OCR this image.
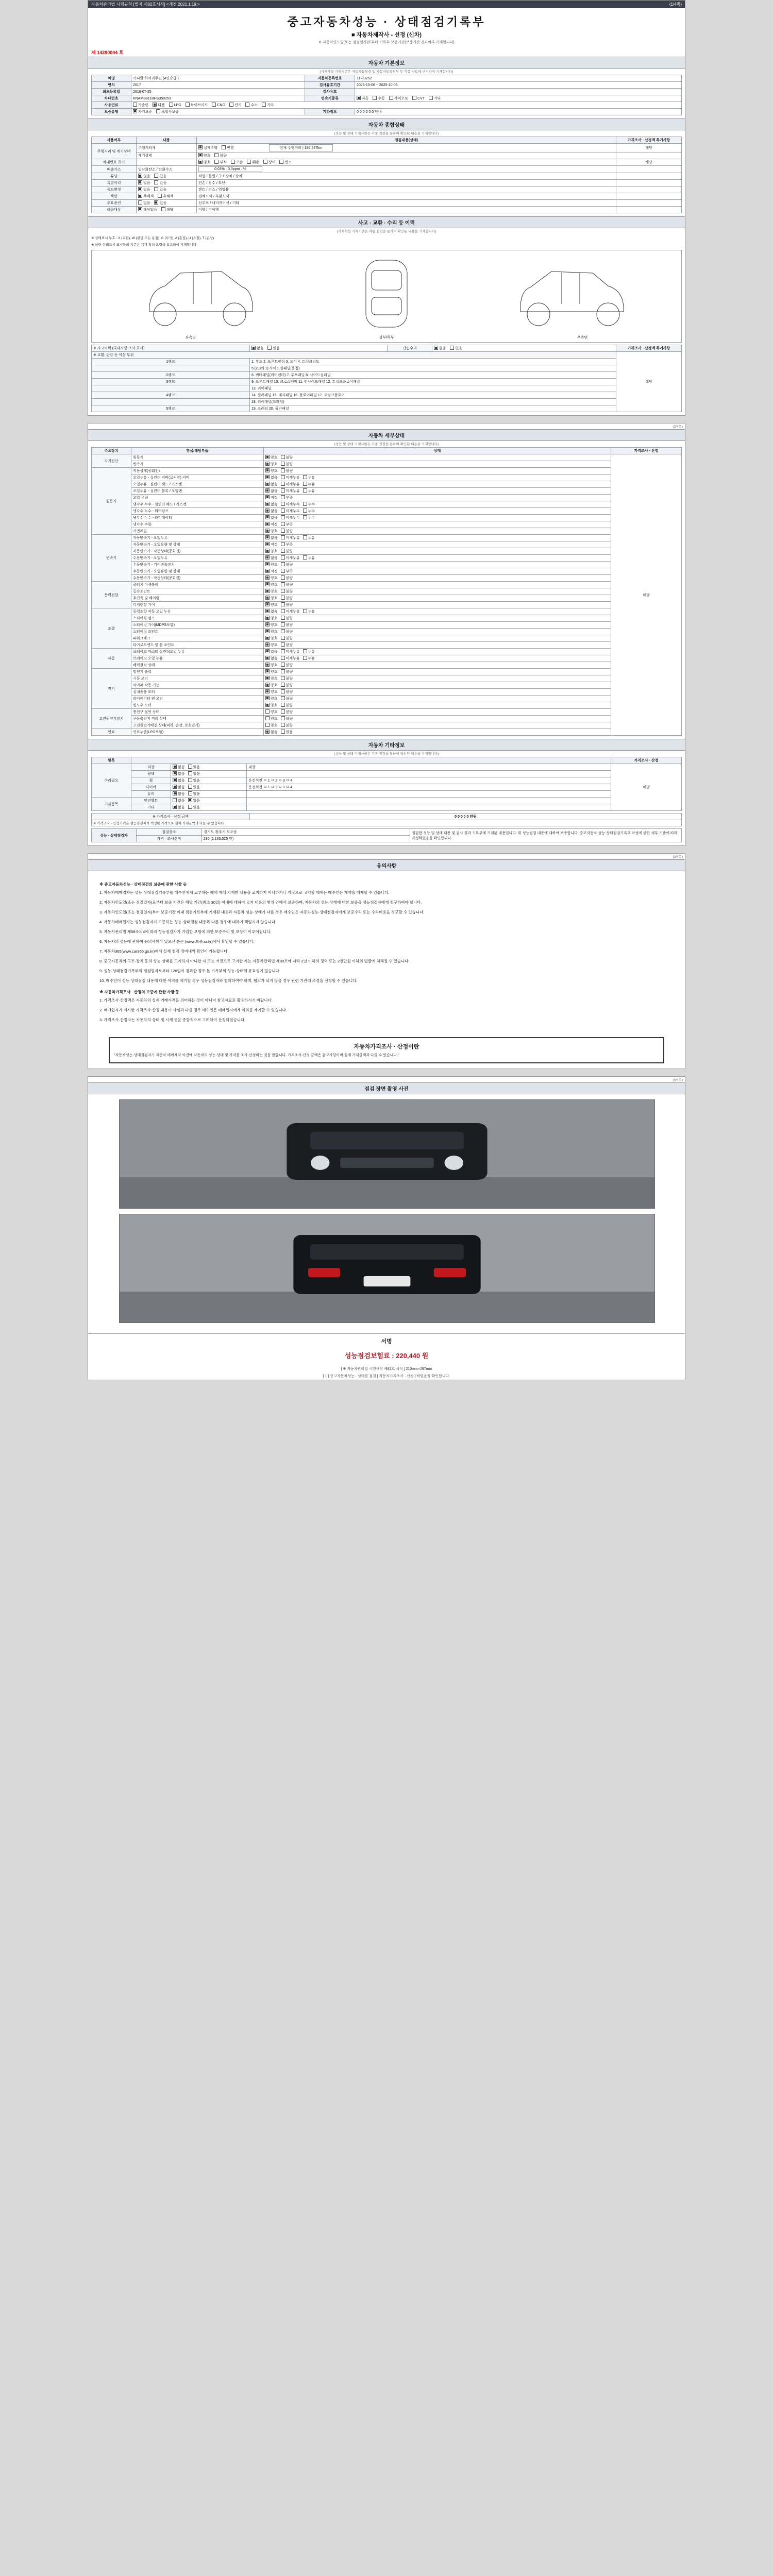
자동차관리법 시행규칙 [별지 제82호서식] <개정 2021.1.19.>	(1/4쪽)
중고자동차성능 · 상태점검기록부
■ 자동차제작사 - 선정 (신차)
※ 자동차인도일(또는 점검일자)로부터 기록부 보증기간(보증기간 경과여부 기재합니다)
제 14290044 호
자동차 기본정보
(기재사항 기재기준은 자동차등록증 및 자동차등록원부 등 각종 자료에 근거하여 기재합니다)
차명	카니발 하이리무진 (4인승급 )	자동차등록번호	11나3252
연식	2017	검사유효기간	2023-10-06 ~ 2025-10-06
최초등록일	2016-07-25	검사유효	
차대번호	KNAMB811BHS350253	변속기종류	자동 수동 세미오토 CVT 기타
사용연료	가솔린 디젤 LPG 하이브리드 CNG 전기 수소 기타		
보증유형	자기보증 보험사보증	기타정보	0 0 0 0 0 0 안내
자동차 종합상태
(성능 및 상태 기재사항은 각종 점검을 통하여 확인된 내용을 기재합니다)
사용여부	내용	점검내용(상태)	가격조사 · 산정액 특기사항
주행거리 및 계기상태	주행거리계	실제주행 변경 현재 주행거리 | 186,447km	해당
	계기상태	양호 불량	
차대번호 표기		양호 부식 오손 훼손 상이 변조	해당
배출가스	일산화탄소 / 탄화수소	0.03% · 0.0ppm · %	
튜닝	없음 있음	적법 / 불법 / 구조장치 / 장치	
특별이력	없음 있음	전손 / 침수 / 도난	
용도변경	없음 있음	렌트 / 리스 / 영업용	
색상	무채색 유채색	전체도색 / 부분도색	
주요옵션	없음 있음	선루프 / 내비게이션 / 기타	
리콜대상	해당없음 해당	이행 / 미이행	
사고 · 교환 · 수리 등 이력
(기재사항 기재기준은 각종 점검을 통하여 확인된 내용을 기재합니다)
※ 상태표시 부호 : X (교환), W (판금 또는 용접), C (부식), A (흠집), U (요철), T (손상)
※ 하단 상태표시 표시들의 기준은 기재·작성 요령을 참고하여 기재합니다
좌측면	상부/하부	우측면
※ 사고이력 (국내사항 조사 표시)	없음 있음	단순수리	없음 있음	가격조사 · 산정액 특기사항
※ 교환, 판금 등 이상 부위				해당
1랭크	1. 후드 2. 프론트펜더 3. 도어 4. 트렁크리드			
	5.(2,3의 1) 사이드실패널(용접)			
2랭크	6. 쿼터패널(리어펜더) 7. 루프패널 8. 사이드실패널			
3랭크	9. 프론트패널 10. 크로스멤버 11. 인사이드패널 12. 트렁크플로어패널			
	13. 리어패널			
4랭크	14. 필러패널 15. 대시패널 16. 플로어패널 17. 트렁크플로어			
	18. 리어패널(프레임)			
5랭크	19. 프레임 20. 필러패널			
(2/4쪽)
자동차 세부상태
(성능 및 상태 기재사항은 각종 점검을 통하여 확인된 내용을 기재합니다)
주요장치	항목/해당부품	상태	가격조사 · 산정
자기진단	원동기	양호 불량	해당
	변속기	양호 불량	
원동기	작동상태(공회전)	양호 불량	
	오일누유 - 실린더 커버(로커암) 커버	없음 미세누유 누유	
	오일누유 - 실린더 헤드 / 가스켓	없음 미세누유 누유	
	오일누유 - 실린더 블록 / 오일팬	없음 미세누유 누유	
	오일 유량	적정 부족	
	냉각수 누수 - 실린더 헤드 / 가스켓	없음 미세누수 누수	
	냉각수 누수 - 워터펌프	없음 미세누수 누수	
	냉각수 누수 - 라디에이터	없음 미세누수 누수	
	냉각수 수량	적정 부족	
	커먼레일	양호 불량	
변속기	자동변속기 - 오일누유	없음 미세누유 누유	
	자동변속기 - 오일유량 및 상태	적정 부족	
	자동변속기 - 작동상태(공회전)	양호 불량	
	수동변속기 - 오일누유	없음 미세누유 누유	
	수동변속기 - 기어변속장치	양호 불량	
	수동변속기 - 오일유량 및 상태	적정 부족	
	수동변속기 - 작동상태(공회전)	양호 불량	
동력전달	클러치 어셈블리	양호 불량	
	등속조인트	양호 불량	
	추진축 및 베어링	양호 불량	
	디퍼렌셜 기어	양호 불량	
조향	동력조향 작동 오일 누유	없음 미세누유 누유	
	스티어링 펌프	양호 불량	
	스티어링 기어(MDPS포함)	양호 불량	
	스티어링 조인트	양호 불량	
	파워크랭크	양호 불량	
	타이로드엔드 및 볼 조인트	양호 불량	
제동	브레이크 마스터 실린더오일 누유	없음 미세누유 누유	
	브레이크 오일 누유	없음 미세누유 누유	
	배력장치 상태	양호 불량	
전기	발전기 출력	양호 불량	
	시동 모터	양호 불량	
	와이퍼 작동 기능	양호 불량	
	실내송풍 모터	양호 불량	
	라디에이터 팬 모터	양호 불량	
	윈도우 모터	양호 불량	
고전원전기장치	충전구 절연 상태	양호 불량	
	구동축전지 격리 상태	양호 불량	
	고전원전기배선 상태(피복, 손상, 보호덮개)	양호 불량	
연료	연료누출(LPG포함)	없음 있음	
자동차 기타정보
(성능 및 상태 기재사항은 각종 점검을 통하여 확인된 내용을 기재합니다)
항목				가격조사 · 산정
수리필요	외장	없음 있음	내장	해당
	광택	없음 있음		
	휠	없음 있음	운전석전 ㅁ 1 ㅁ 2 ㅁ 3 ㅁ 4	
	타이어	없음 있음	운전석전 ㅁ 1 ㅁ 2 ㅁ 3 ㅁ 4	
	유리	없음 있음		
기본품목	안전벨트	없음 있음		
	기타	없음 있음		
※ 가격조사 · 산정 금액	0 0 0 0 0 만원
※ 가격조사 · 산정가격은 성능점검자가 책정한 가격으로 실제 거래금액과 다를 수 있습니다
성능 · 상태점검자	점검장소	경기도 광주시 오포읍	점검한 성능 및 상태 내용 및 검사 결과 기록부에 기재된 내용입니다. 위 성능점검 내용에 대하여 보증합니다. 중고자동차 성능·상태점검기록부 작성에 관한 세부 기준에 따라 작성하였음을 확인합니다.
	가격 · 조사산정	280 (1,165,025 원)	
(3/4쪽)
유의사항
※ 중고자동차성능 · 상태점검의 보증에 관한 사항 등

1. 자동차매매업자는 성능·상태점검기록부를 매수인에게 교부하는 때에 제대 기재한 내용을 교지하지 아니하거나 거짓으로 고지할 때에는 매수인은 계약을 해제할 수 있습니다.

2. 자동차인도일(또는 점검일자)로부터 보증 기간은 해당 기간(최소 30일) 이내에 대하여 고지 내용의 범위 안에서 보증하며, 자동차의 성능·상태에 대한 보증을 성능점검자에게 청구하여야 합니다.

3. 자동차인도일(또는 점검일자)부터 보증기간 이내 점검기록부에 기재된 내용과 자동차 성능·상태가 다를 경우 매수인은 자동차성능·상태점검자에게 보증수리 또는 수리비용을 청구할 수 있습니다.

4. 자동차매매업자는 성능점검자가 보증하는 성능·상태점검 내용과 다른 경우에 대하여 책임지지 않습니다.

5. 자동차관리법 제58조의4에 따라 성능점검자가 가입한 보험에 의한 보증수리 및 보상이 이루어집니다.

6. 자동차의 성능에 관하여 문의사항이 있으신 분은 (www.보증.or.kr)에서 확인할 수 있습니다.

7. 자동차365(www.car365.go.kr)에서 실제 점검·정비내역 확인이 가능합니다.

8. 중고자동차의 구조·장치 등의 성능·상태를 고지하지 아니한 자 또는 거짓으로 고지한 자는 자동차관리법 제80조에 따라 2년 이하의 징역 또는 2천만원 이하의 벌금에 처해질 수 있습니다.

9. 성능·상태점검기록부의 점검일자로부터 120일이 경과한 경우 본 기록부의 성능·상태의 유효성이 없습니다.

10. 매수인이 성능·상태점검 내용에 대한 이의를 제기할 경우 성능점검자와 협의하여야 하며, 협의가 되지 않을 경우 관련 기관에 조정을 신청할 수 있습니다.

※ 자동차가격조사 · 산정의 보증에 관한 사항 등

1. 가격조사·산정액은 자동차의 실제 거래가격을 의미하는 것이 아니며 참고자료로 활용하시기 바랍니다.

2. 매매업자가 제시한 가격조사·산정 내용이 사실과 다를 경우 매수인은 매매업자에게 이의를 제기할 수 있습니다.

3. 가격조사·산정자는 자동차의 상태 및 시세 등을 종합적으로 고려하여 산정하였습니다.

자동차가격조사 · 산정이란
"자동차성능·상태점검자가 자동차 매매계약 이전에 자동차의 성능·상태 및 가격을 조사·산정하는 것을 말합니다. 가격조사·산정 금액은 참고사항이며 실제 거래금액과 다를 수 있습니다."
(4/4쪽)
점검 장면 촬영 사진
서명
성능점검보험료 : 220,440 원
[ ※ 자동차관리법 시행규칙 제82호 서식 ] 210mm×297mm
[ 1 ] 중고자동차성능 · 상태를 점검 [ 자동차가격조사 · 산정 ] 하였음을 확인합니다.
